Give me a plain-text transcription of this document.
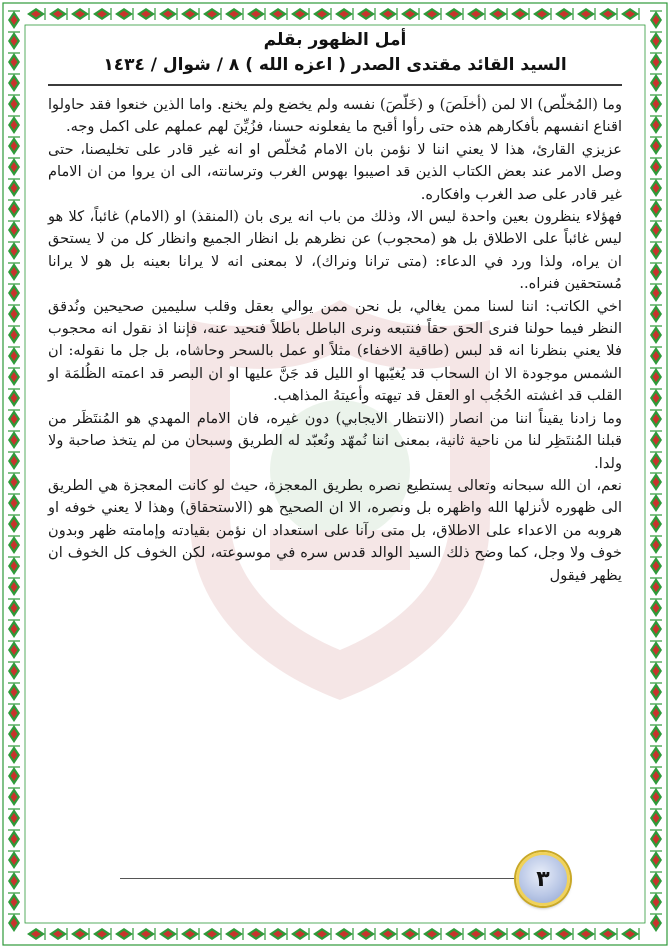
أمل الظهور بقلم
السيد القائد مقتدى الصدر ( اعزه الله ) ٨ / شوال / ١٤٣٤

وما (المُخلّص) الا لمن (أخلَصَ) و (خَلّصَ) نفسه ولم يخضع ولم يخنع. واما الذين خنعوا فقد حاولوا اقناع انفسهم بأفكارهم هذه حتى رأوا أقبح ما يفعلونه حسنا، فزُيِّنَ لهم عملهم على اكمل وجه.

عزيزي القارئ، هذا لا يعني اننا لا نؤمن بان الامام مُخلّص او انه غير قادر على تخليصنا، حتى وصل الامر عند بعض الكتاب الذين قد اصيبوا بهوس الغرب وترسانته، الى ان يروا من ان الامام غير قادر على صد الغرب وافكاره.

فهؤلاء ينظرون بعين واحدة ليس الا، وذلك من باب انه يرى بان (المنقذ) او (الامام) غائباً، كلا هو ليس غائباً على الاطلاق بل هو (محجوب) عن نظرهم بل انظار الجميع وانظار كل من لا يستحق ان يراه، ولذا ورد في الدعاء: (متى ترانا ونراك)، لا بمعنى انه لا يرانا بعينه بل هو لا يرانا مُستحقين فنراه..

اخي الكاتب: اننا لسنا ممن يغالي، بل نحن ممن يوالي بعقل وقلب سليمين صحيحين ونُدقق النظر فيما حولنا فنرى الحق حقاً فنتبعه ونرى الباطل باطلاً فنحيد عنه، فإننا اذ نقول انه محجوب فلا يعني بنظرنا انه قد لبس (طاقية الاخفاء) مثلاً او عمل بالسحر وحاشاه، بل جل ما نقوله: ان الشمس موجودة الا ان السحاب قد يُغيّبها او الليل قد جَنَّ عليها او ان البصر قد اعمته الظُلمَة او القلب قد اغشته الحُجُب او العقل قد تيهته وأعيتهُ المذاهب.

وما زادنا يقيناً اننا من انصار (الانتظار الايجابي) دون غيره، فان الامام المهدي هو المُنتَظَر من قبلنا المُنتَظِر لنا من ناحية ثانية، بمعنى اننا نُمهّد ونُعبّد له الطريق وسبحان من لم يتخذ صاحبة ولا ولدا.

نعم، ان الله سبحانه وتعالى يستطيع نصره بطريق المعجزة، حيث لو كانت المعجزة هي الطريق الى ظهوره لأنزلها الله واظهره بل ونصره، الا ان الصحيح هو (الاستحقاق) وهذا لا يعني خوفه او هروبه من الاعداء على الاطلاق، بل متى رآنا على استعداد ان نؤمن بقيادته وإمامته ظهر وبدون خوف ولا وجل، كما وضح ذلك السيد الوالد قدس سره في موسوعته، لكن الخوف كل الخوف ان يظهر فيقول

٣
